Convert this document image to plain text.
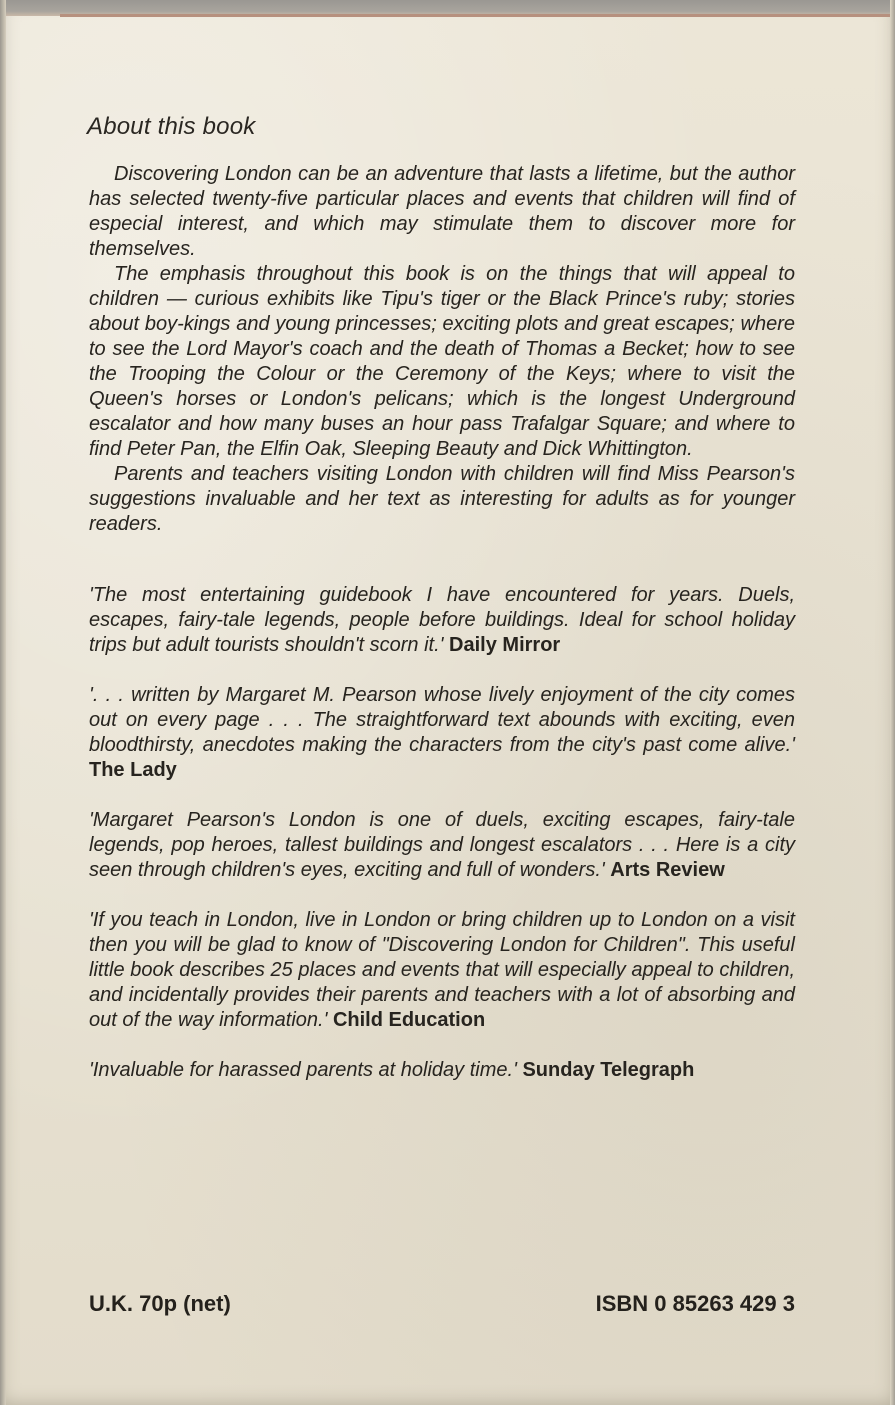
About this book

Discovering London can be an adventure that lasts a lifetime, but the author has selected twenty-five particular places and events that children will find of especial interest, and which may stimulate them to discover more for themselves.

The emphasis throughout this book is on the things that will appeal to children — curious exhibits like Tipu's tiger or the Black Prince's ruby; stories about boy-kings and young princesses; exciting plots and great escapes; where to see the Lord Mayor's coach and the death of Thomas a Becket; how to see the Trooping the Colour or the Ceremony of the Keys; where to visit the Queen's horses or London's pelicans; which is the longest Underground escalator and how many buses an hour pass Trafalgar Square; and where to find Peter Pan, the Elfin Oak, Sleeping Beauty and Dick Whittington.

Parents and teachers visiting London with children will find Miss Pearson's suggestions invaluable and her text as interesting for adults as for younger readers.

'The most entertaining guidebook I have encountered for years. Duels, escapes, fairy-tale legends, people before buildings. Ideal for school holiday trips but adult tourists shouldn't scorn it.' Daily Mirror

'. . . written by Margaret M. Pearson whose lively enjoyment of the city comes out on every page . . . The straightforward text abounds with exciting, even bloodthirsty, anecdotes making the characters from the city's past come alive.' The Lady

'Margaret Pearson's London is one of duels, exciting escapes, fairy-tale legends, pop heroes, tallest buildings and longest escalators . . . Here is a city seen through children's eyes, exciting and full of wonders.' Arts Review

'If you teach in London, live in London or bring children up to London on a visit then you will be glad to know of "Discovering London for Children". This useful little book describes 25 places and events that will especially appeal to children, and incidentally provides their parents and teachers with a lot of absorbing and out of the way information.' Child Education

'Invaluable for harassed parents at holiday time.' Sunday Telegraph

U.K. 70p (net)	ISBN 0 85263 429 3
